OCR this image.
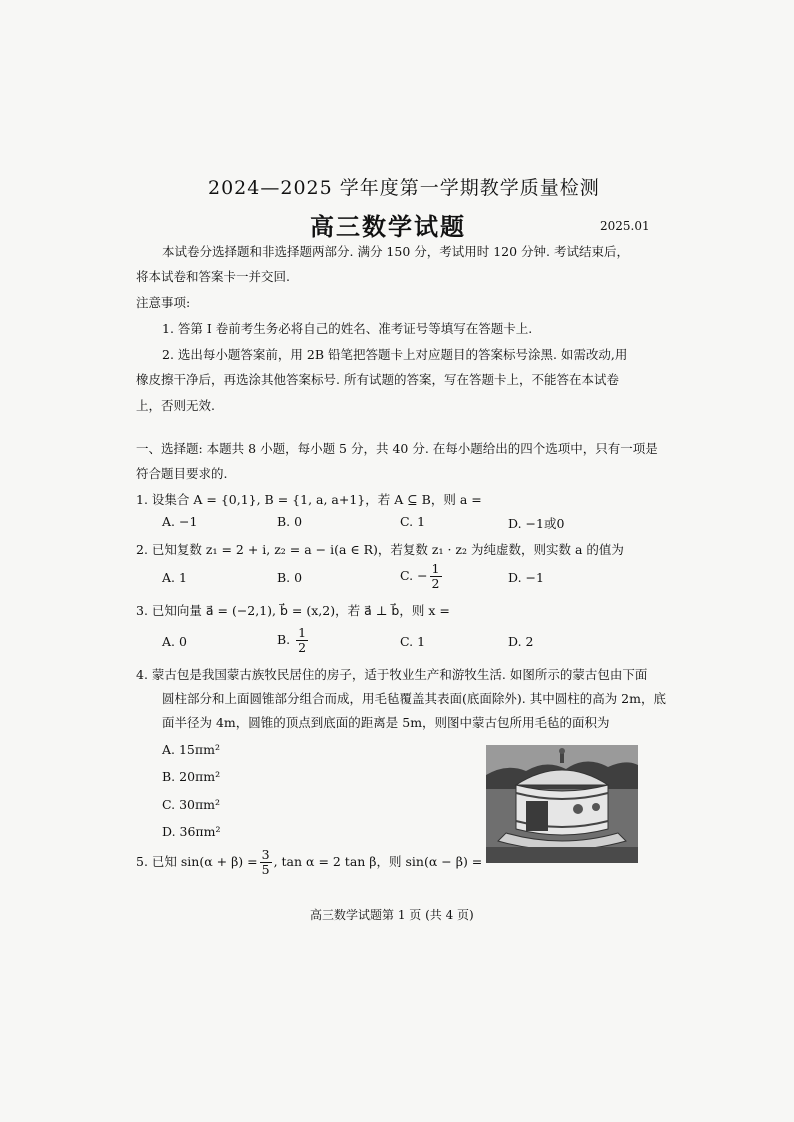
2024—2025 学年度第一学期教学质量检测
高三数学试题	2025.01
本试卷分选择题和非选择题两部分. 满分 150 分，考试用时 120 分钟. 考试结束后，
将本试卷和答案卡一并交回.
注意事项:
1. 答第 I 卷前考生务必将自己的姓名、准考证号等填写在答题卡上.
2. 选出每小题答案前，用 2B 铅笔把答题卡上对应题目的答案标号涂黑. 如需改动,用
橡皮擦干净后，再选涂其他答案标号. 所有试题的答案，写在答题卡上，不能答在本试卷
上，否则无效.
一、选择题: 本题共 8 小题，每小题 5 分，共 40 分. 在每小题给出的四个选项中，只有一项是
符合题目要求的.
1. 设集合 A = {0,1}, B = {1, a, a+1}，若 A ⊆ B，则 a =
A. −1	B. 0	C. 1	D. −1或0
2. 已知复数 z₁ = 2 + i, z₂ = a − i(a ∈ R)，若复数 z₁ · z₂ 为纯虚数，则实数 a 的值为
A. 1	B. 0	C. − $\frac{1}{2}$	D. −1
3. 已知向量 a⃗ = (−2,1), b⃗ = (x,2)，若 a⃗ ⊥ b⃗，则 x =
A. 0	B. $\frac{1}{2}$	C. 1	D. 2
4. 蒙古包是我国蒙古族牧民居住的房子，适于牧业生产和游牧生活. 如图所示的蒙古包由下面
圆柱部分和上面圆锥部分组合而成，用毛毡覆盖其表面(底面除外). 其中圆柱的高为 2m，底
面半径为 4m，圆锥的顶点到底面的距离是 5m，则图中蒙古包所用毛毡的面积为
A. 15πm²
B. 20πm²
C. 30πm²
D. 36πm²
5. 已知 $\sin(\alpha + \beta) = \frac{3}{5}$ , tan α = 2 tan β，则 sin(α − β) =
高三数学试题第 1 页 (共 4 页)
